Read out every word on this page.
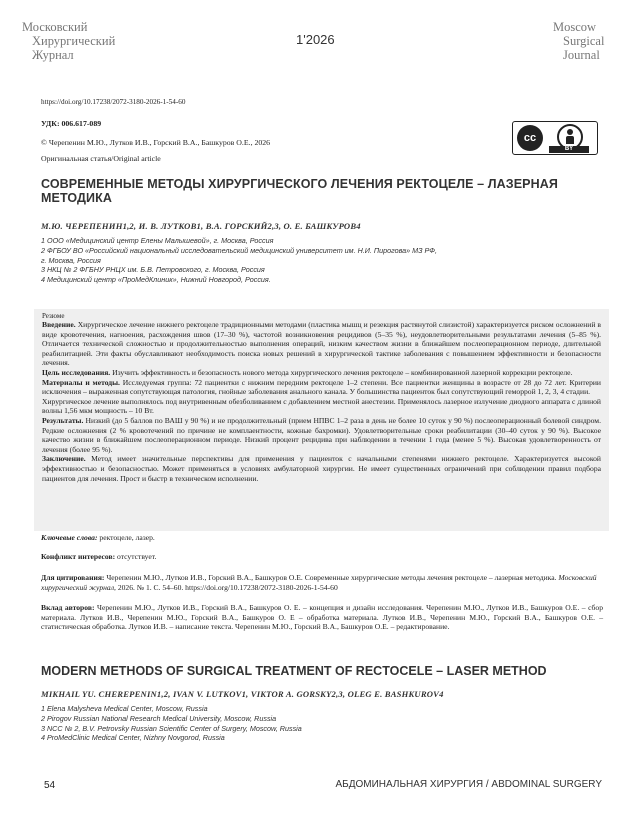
Московский
Хирургический
Журнал
1'2026
Moscow
Surgical
Journal
https://doi.org/10.17238/2072-3180-2026-1-54-60
УДК: 006.617-089
© Черепенин М.Ю., Лутков И.В., Горский В.А., Башкуров О.Е., 2026
Оригинальная статья/Original article
cc
BY
СОВРЕМЕННЫЕ МЕТОДЫ ХИРУРГИЧЕСКОГО ЛЕЧЕНИЯ РЕКТОЦЕЛЕ – ЛАЗЕРНАЯ МЕТОДИКА
М.Ю. ЧЕРЕПЕНИН1,2, И. В. ЛУТКОВ1, В.А. ГОРСКИЙ2,3, О. Е. БАШКУРОВ4
1 ООО «Медицинский центр Елены Малышевой», г. Москва, Россия
2 ФГБОУ ВО «Российский национальный исследовательский медицинский университет им. Н.И. Пирогова» МЗ РФ,
г. Москва, Россия
3 НКЦ № 2 ФГБНУ РНЦХ им. Б.В. Петровского, г. Москва, Россия
4 Медицинский центр «ПроМедКлиник», Нижний Новгород, Россия.
Резюме

Введение. Хирургическое лечение нижнего ректоцеле традиционными методами (пластика мышц и резекция растянутой слизистой) характеризуется риском осложнений в виде кровотечения, нагноения, расхождения швов (17–30 %), частотой возникновения рецидивов (5–35 %), неудовлетворительными результатами лечения (5–85 %). Отличается технической сложностью и продолжительностью выполнения операций, низким качеством жизни в ближайшем послеоперационном периоде, длительной реабилитацией. Эти факты обуславливают необходимость поиска новых решений в хирургической тактике заболевания с повышением эффективности и безопасности лечения.

Цель исследования. Изучить эффективность и безопасность нового метода хирургического лечения ректоцеле – комбинированной лазерной коррекции ректоцеле.

Материалы и методы. Исследуемая группа: 72 пациентки с нижним передним ректоцеле 1–2 степени. Все пациентки женщины в возрасте от 28 до 72 лет. Критерии исключения – выраженная сопутствующая патология, гнойные заболевания анального канала. У большинства пациенток был сопутствующий геморрой 1, 2, 3, 4 стадии.

Хирургическое лечение выполнялось под внутривенным обезболиванием с добавлением местной анестезии. Применялось лазерное излучение диодного аппарата с длиной волны 1,56 мкм мощность – 10 Вт.

Результаты. Низкий (до 5 баллов по ВАШ у 90 %) и не продолжительный (прием НПВС 1–2 раза в день не более 10 суток у 90 %) послеоперационный болевой синдром. Редкие осложнения (2 % кровотечений по причине не комплаентности, кожные бахромки). Удовлетворительные сроки реабилитации (30–40 суток у 90 %). Высокое качество жизни в ближайшем послеоперационном периоде. Низкий процент рецидива при наблюдении в течении 1 года (менее 5 %). Высокая удовлетворенность от лечения (более 95 %).

Заключение. Метод имеет значительные перспективы для применения у пациенток с начальными степенями нижнего ректоцеле. Характеризуется высокой эффективностью и безопасностью. Может применяться в условиях амбулаторной хирургии. Не имеет существенных ограничений при соблюдении правил подбора пациентов для лечения. Прост и быстр в техническом исполнении.

Ключевые слова: ректоцеле, лазер.
Конфликт интересов: отсутствует.
Для цитирования: Черепенин М.Ю., Лутков И.В., Горский В.А., Башкуров О.Е. Современные хирургические методы лечения ректоцеле – лазерная методика. Московский хирургический журнал, 2026. № 1. С. 54–60. https://doi.org/10.17238/2072-3180-2026-1-54-60
Вклад авторов: Черепенин М.Ю., Лутков И.В., Горский В.А., Башкуров О. Е. – концепция и дизайн исследования. Черепенин М.Ю., Лутков И.В., Башкуров О.Е. – сбор материала. Лутков И.В., Черепенин М.Ю., Горский В.А., Башкуров О. Е – обработка материала. Лутков И.В., Черепенин М.Ю., Горский В.А., Башкуров О.Е. – статистическая обработка. Лутков И.В. – написание текста. Черепенин М.Ю., Горский В.А., Башкуров О.Е. – редактирование.
MODERN METHODS OF SURGICAL TREATMENT OF RECTOCELE – LASER METHOD
MIKHAIL YU. CHEREPENIN1,2, IVAN V. LUTKOV1, VIKTOR A. GORSKY2,3, OLEG E. BASHKUROV4
1 Elena Malysheva Medical Center, Moscow, Russia
2 Pirogov Russian National Research Medical University, Moscow, Russia
3 NCC № 2, B.V. Petrovsky Russian Scientific Center of Surgery, Moscow, Russia
4 ProMedClinic Medical Center, Nizhny Novgorod, Russia
54	АБДОМИНАЛЬНАЯ ХИРУРГИЯ / ABDOMINAL SURGERY
